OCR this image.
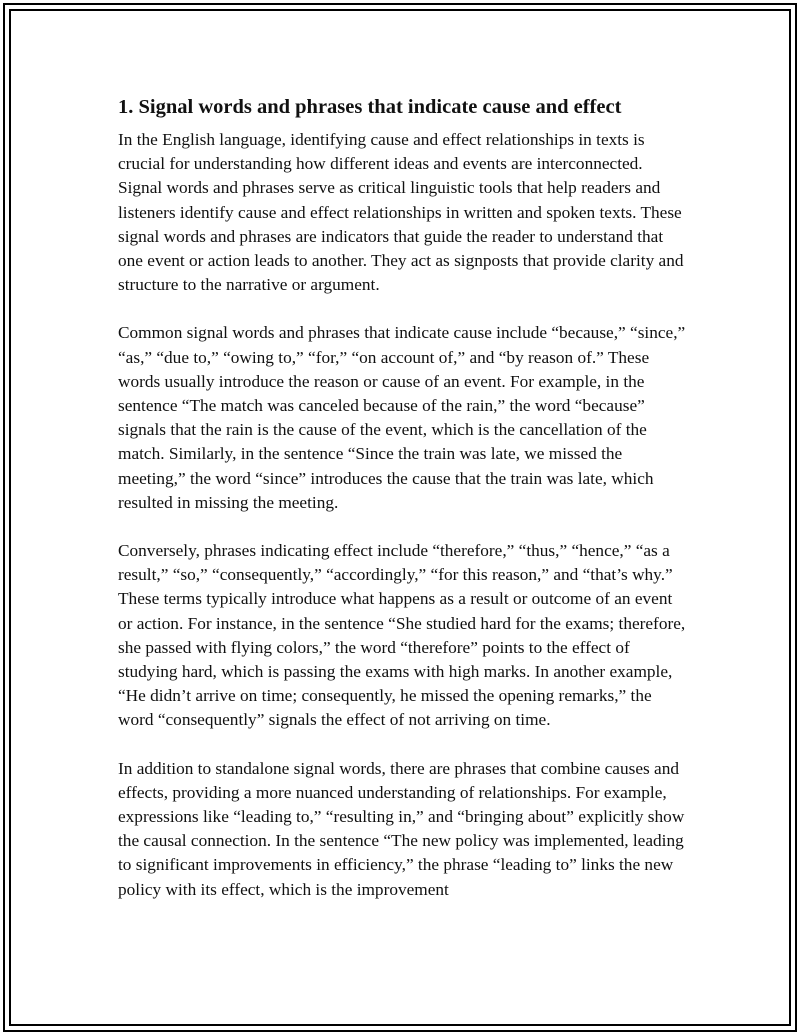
1. Signal words and phrases that indicate cause and effect

In the English language, identifying cause and effect relationships in texts is crucial for understanding how different ideas and events are interconnected. Signal words and phrases serve as critical linguistic tools that help readers and listeners identify cause and effect relationships in written and spoken texts. These signal words and phrases are indicators that guide the reader to understand that one event or action leads to another. They act as signposts that provide clarity and structure to the narrative or argument.

Common signal words and phrases that indicate cause include “because,” “since,” “as,” “due to,” “owing to,” “for,” “on account of,” and “by reason of.” These words usually introduce the reason or cause of an event. For example, in the sentence “The match was canceled because of the rain,” the word “because” signals that the rain is the cause of the event, which is the cancellation of the match. Similarly, in the sentence “Since the train was late, we missed the meeting,” the word “since” introduces the cause that the train was late, which resulted in missing the meeting.

Conversely, phrases indicating effect include “therefore,” “thus,” “hence,” “as a result,” “so,” “consequently,” “accordingly,” “for this reason,” and “that’s why.” These terms typically introduce what happens as a result or outcome of an event or action. For instance, in the sentence “She studied hard for the exams; therefore, she passed with flying colors,” the word “therefore” points to the effect of studying hard, which is passing the exams with high marks. In another example, “He didn’t arrive on time; consequently, he missed the opening remarks,” the word “consequently” signals the effect of not arriving on time.

In addition to standalone signal words, there are phrases that combine causes and effects, providing a more nuanced understanding of relationships. For example, expressions like “leading to,” “resulting in,” and “bringing about” explicitly show the causal connection. In the sentence “The new policy was implemented, leading to significant improvements in efficiency,” the phrase “leading to” links the new policy with its effect, which is the improvement
